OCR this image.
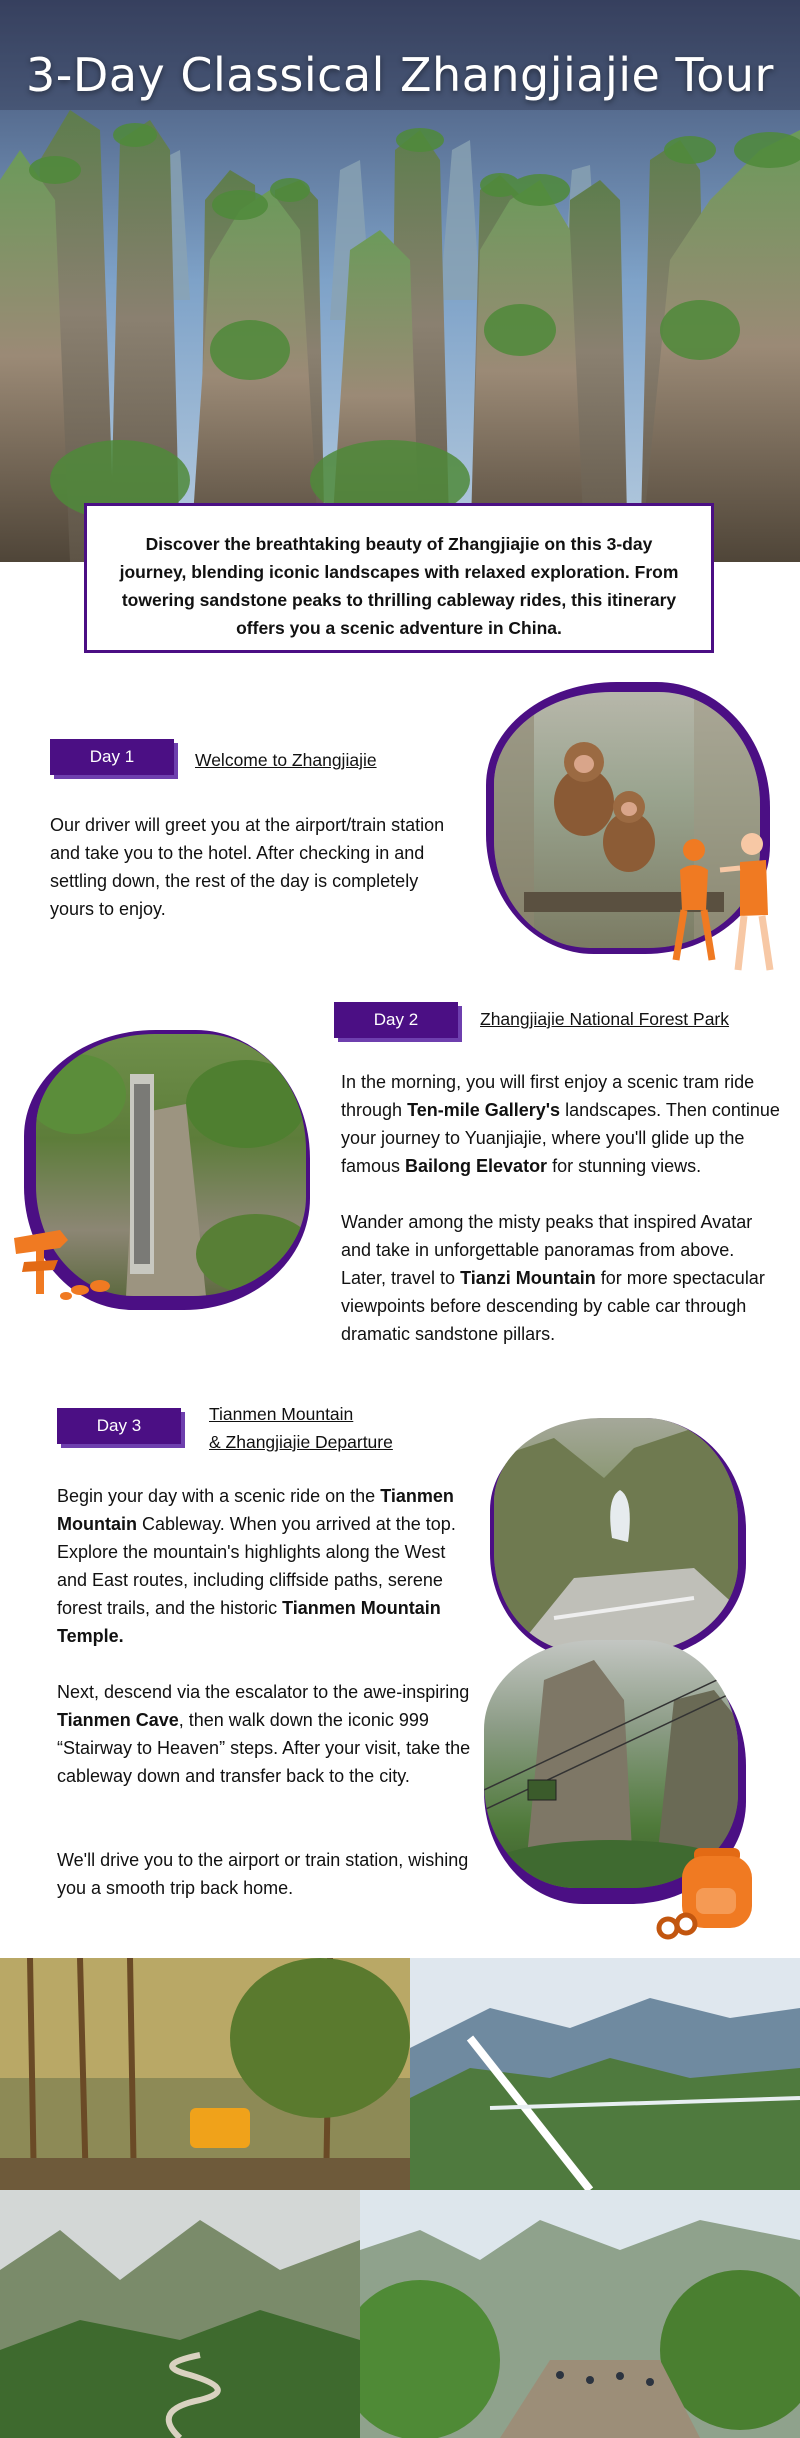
3-Day Classical Zhangjiajie Tour
Discover the breathtaking beauty of Zhangjiajie on this 3-day journey, blending iconic landscapes with relaxed exploration. From towering sandstone peaks to thrilling cableway rides, this itinerary offers you a scenic adventure in China.
Day 1	Welcome to Zhangjiajie
Our driver will greet you at the airport/train station and take you to the hotel. After checking in and settling down, the rest of the day is completely yours to enjoy.
Day 2	Zhangjiajie National Forest Park
In the morning, you will first enjoy a scenic tram ride through Ten-mile Gallery's landscapes. Then continue your journey to Yuanjiajie, where you'll glide up the famous Bailong Elevator for stunning views.
Wander among the misty peaks that inspired Avatar and take in unforgettable panoramas from above. Later, travel to Tianzi Mountain for more spectacular viewpoints before descending by cable car through dramatic sandstone pillars.
Day 3
Tianmen Mountain
& Zhangjiajie Departure
Begin your day with a scenic ride on the Tianmen Mountain Cableway. When you arrived at the top. Explore the mountain's highlights along the West and East routes, including cliffside paths, serene forest trails, and the historic Tianmen Mountain Temple.
Next, descend via the escalator to the awe-inspiring Tianmen Cave, then walk down the iconic 999 “Stairway to Heaven” steps. After your visit, take the cableway down and transfer back to the city.
We'll drive you to the airport or train station, wishing you a smooth trip back home.
